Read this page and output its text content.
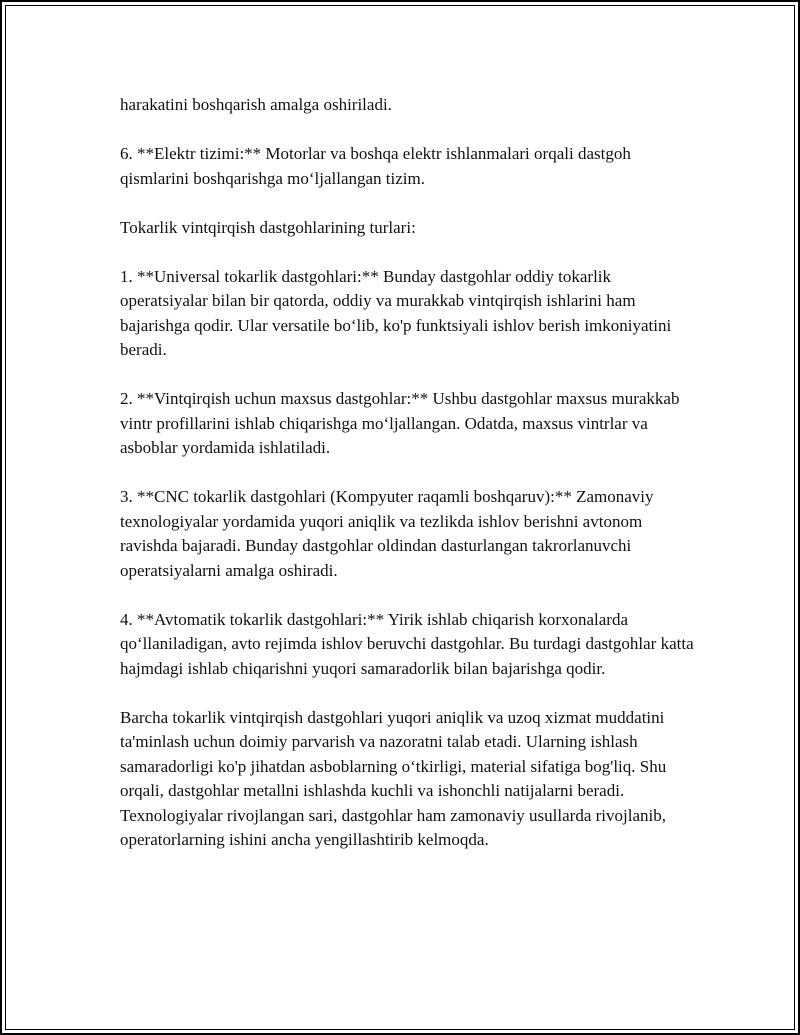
harakatini boshqarish amalga oshiriladi.

6. **Elektr tizimi:** Motorlar va boshqa elektr ishlanmalari orqali dastgoh qismlarini boshqarishga mo‘ljallangan tizim.

Tokarlik vintqirqish dastgohlarining turlari:

1. **Universal tokarlik dastgohlari:** Bunday dastgohlar oddiy tokarlik operatsiyalar bilan bir qatorda, oddiy va murakkab vintqirqish ishlarini ham bajarishga qodir. Ular versatile bo‘lib, ko'p funktsiyali ishlov berish imkoniyatini beradi.

2. **Vintqirqish uchun maxsus dastgohlar:** Ushbu dastgohlar maxsus murakkab vintr profillarini ishlab chiqarishga mo‘ljallangan. Odatda, maxsus vintrlar va asboblar yordamida ishlatiladi.

3. **CNC tokarlik dastgohlari (Kompyuter raqamli boshqaruv):** Zamonaviy texnologiyalar yordamida yuqori aniqlik va tezlikda ishlov berishni avtonom ravishda bajaradi. Bunday dastgohlar oldindan dasturlangan takrorlanuvchi operatsiyalarni amalga oshiradi.

4. **Avtomatik tokarlik dastgohlari:** Yirik ishlab chiqarish korxonalarda qo‘llaniladigan, avto rejimda ishlov beruvchi dastgohlar. Bu turdagi dastgohlar katta hajmdagi ishlab chiqarishni yuqori samaradorlik bilan bajarishga qodir.

Barcha tokarlik vintqirqish dastgohlari yuqori aniqlik va uzoq xizmat muddatini ta'minlash uchun doimiy parvarish va nazoratni talab etadi. Ularning ishlash samaradorligi ko'p jihatdan asboblarning o‘tkirligi, material sifatiga bog'liq. Shu orqali, dastgohlar metallni ishlashda kuchli va ishonchli natijalarni beradi. Texnologiyalar rivojlangan sari, dastgohlar ham zamonaviy usullarda rivojlanib, operatorlarning ishini ancha yengillashtirib kelmoqda.
